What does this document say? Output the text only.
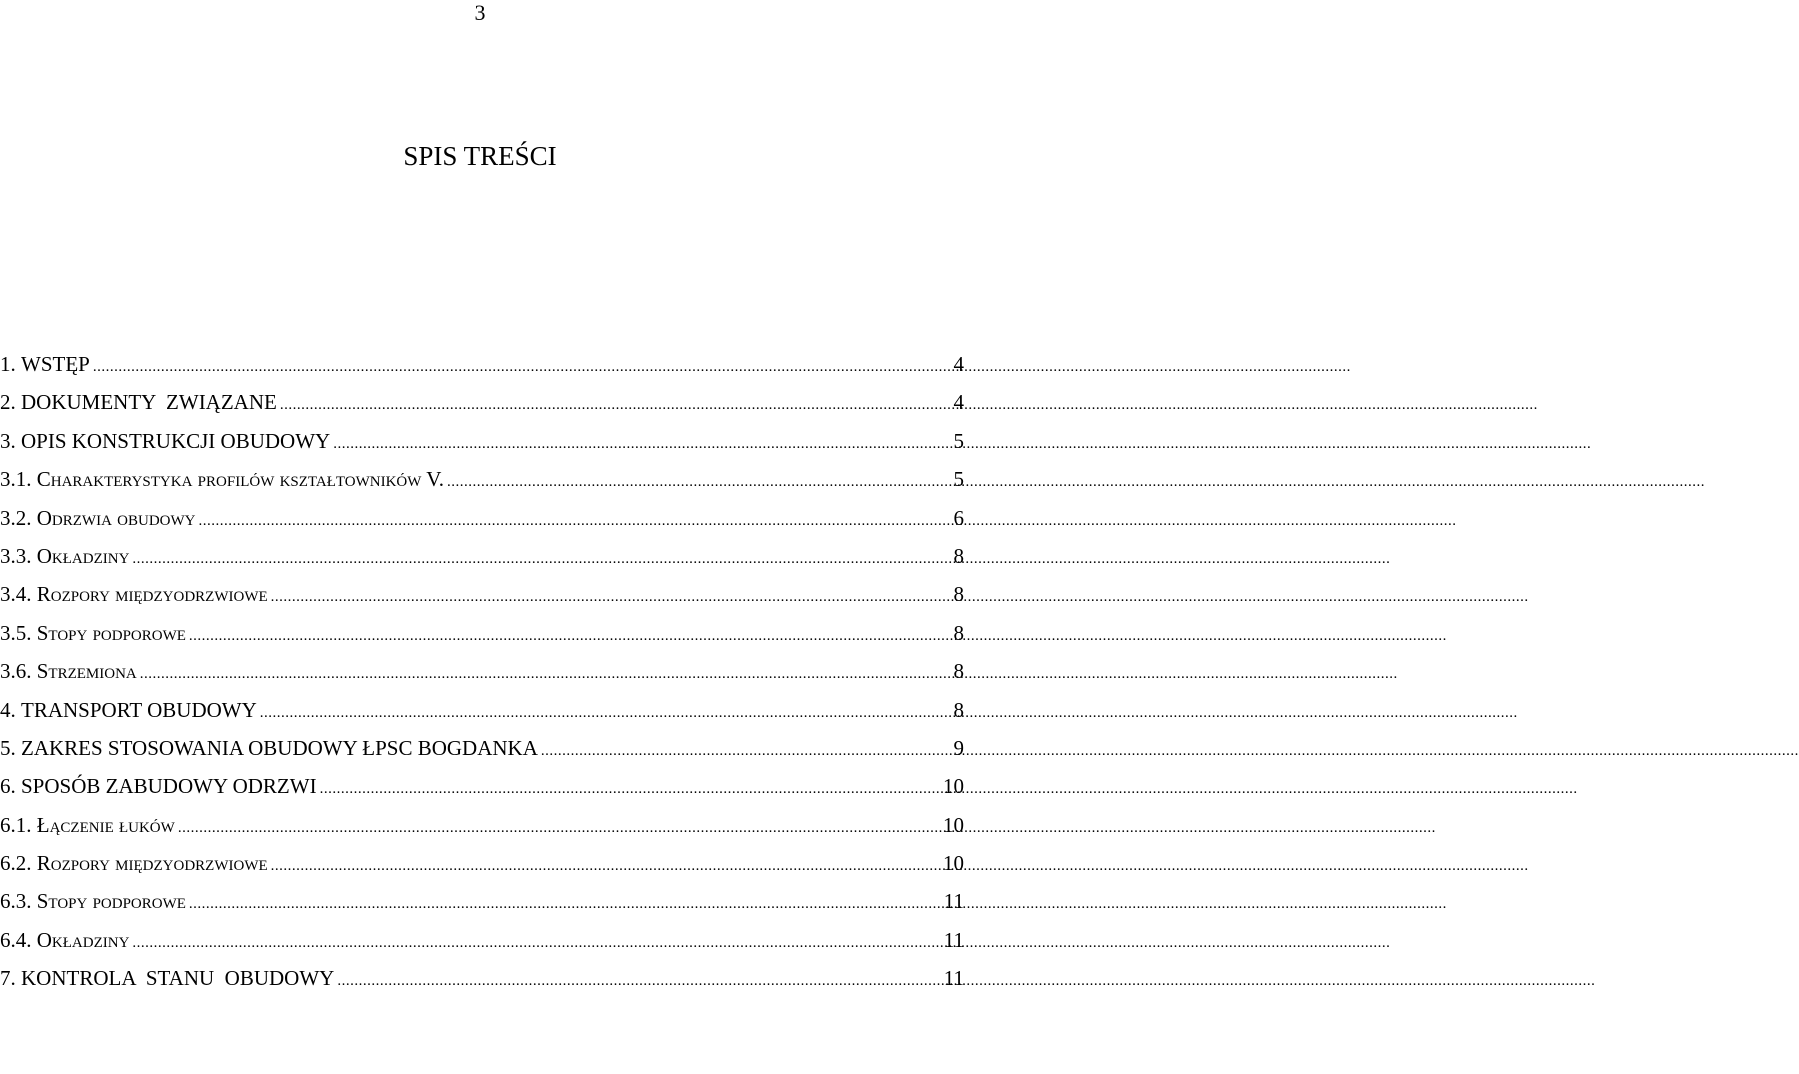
3
SPIS TREŚCI
1. WSTĘP .....	4
2. DOKUMENTY  ZWIĄZANE .....	4
3. OPIS KONSTRUKCJI OBUDOWY .....	5
3.1. Charakterystyka profilów kształtowników V. .....	5
3.2. Odrzwia obudowy .....	6
3.3. Okładziny .....	8
3.4. Rozpory międzyodrzwiowe .....	8
3.5. Stopy podporowe .....	8
3.6. Strzemiona .....	8
4. TRANSPORT OBUDOWY .....	8
5. ZAKRES STOSOWANIA OBUDOWY ŁPSC BOGDANKA .....	9
6. SPOSÓB ZABUDOWY ODRZWI .....	10
6.1. Łączenie łuków .....	10
6.2. Rozpory międzyodrzwiowe .....	10
6.3. Stopy podporowe .....	11
6.4. Okładziny .....	11
7. KONTROLA  STANU  OBUDOWY .....	11
